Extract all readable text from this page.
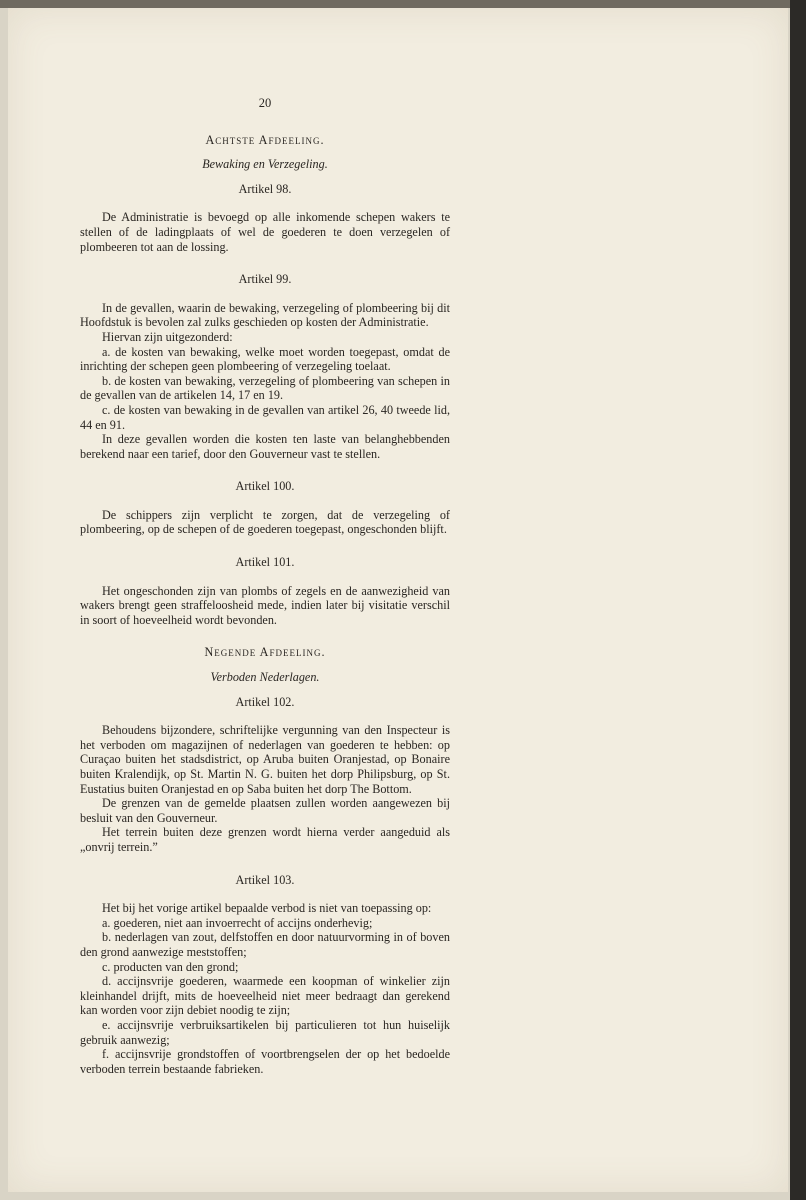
20
Achtste Afdeeling.
Bewaking en Verzegeling.
Artikel 98.

De Administratie is bevoegd op alle inkomende schepen wakers te stellen of de ladingplaats of wel de goederen te doen verzegelen of plombeeren tot aan de lossing.

Artikel 99.

In de gevallen, waarin de bewaking, verzegeling of plombeering bij dit Hoofdstuk is bevolen zal zulks geschieden op kosten der Administratie.

Hiervan zijn uitgezonderd:

a. de kosten van bewaking, welke moet worden toegepast, omdat de inrichting der schepen geen plombeering of verzegeling toelaat.

b. de kosten van bewaking, verzegeling of plombeering van schepen in de gevallen van de artikelen 14, 17 en 19.

c. de kosten van bewaking in de gevallen van artikel 26, 40 tweede lid, 44 en 91.

In deze gevallen worden die kosten ten laste van belanghebbenden berekend naar een tarief, door den Gouverneur vast te stellen.

Artikel 100.

De schippers zijn verplicht te zorgen, dat de verzegeling of plombeering, op de schepen of de goederen toegepast, ongeschonden blijft.

Artikel 101.

Het ongeschonden zijn van plombs of zegels en de aanwezigheid van wakers brengt geen straffeloosheid mede, indien later bij visitatie verschil in soort of hoeveelheid wordt bevonden.

Negende Afdeeling.
Verboden Nederlagen.
Artikel 102.

Behoudens bijzondere, schriftelijke vergunning van den Inspecteur is het verboden om magazijnen of nederlagen van goederen te hebben: op Curaçao buiten het stadsdistrict, op Aruba buiten Oranjestad, op Bonaire buiten Kralendijk, op St. Martin N. G. buiten het dorp Philipsburg, op St. Eustatius buiten Oranjestad en op Saba buiten het dorp The Bottom.

De grenzen van de gemelde plaatsen zullen worden aangewezen bij besluit van den Gouverneur.

Het terrein buiten deze grenzen wordt hierna verder aangeduid als „onvrij terrein.”

Artikel 103.

Het bij het vorige artikel bepaalde verbod is niet van toepassing op:

a. goederen, niet aan invoerrecht of accijns onderhevig;

b. nederlagen van zout, delfstoffen en door natuurvorming in of boven den grond aanwezige meststoffen;

c. producten van den grond;

d. accijnsvrije goederen, waarmede een koopman of winkelier zijn kleinhandel drijft, mits de hoeveelheid niet meer bedraagt dan gerekend kan worden voor zijn debiet noodig te zijn;

e. accijnsvrije verbruiksartikelen bij particulieren tot hun huiselijk gebruik aanwezig;

f. accijnsvrije grondstoffen of voortbrengselen der op het bedoelde verboden terrein bestaande fabrieken.
